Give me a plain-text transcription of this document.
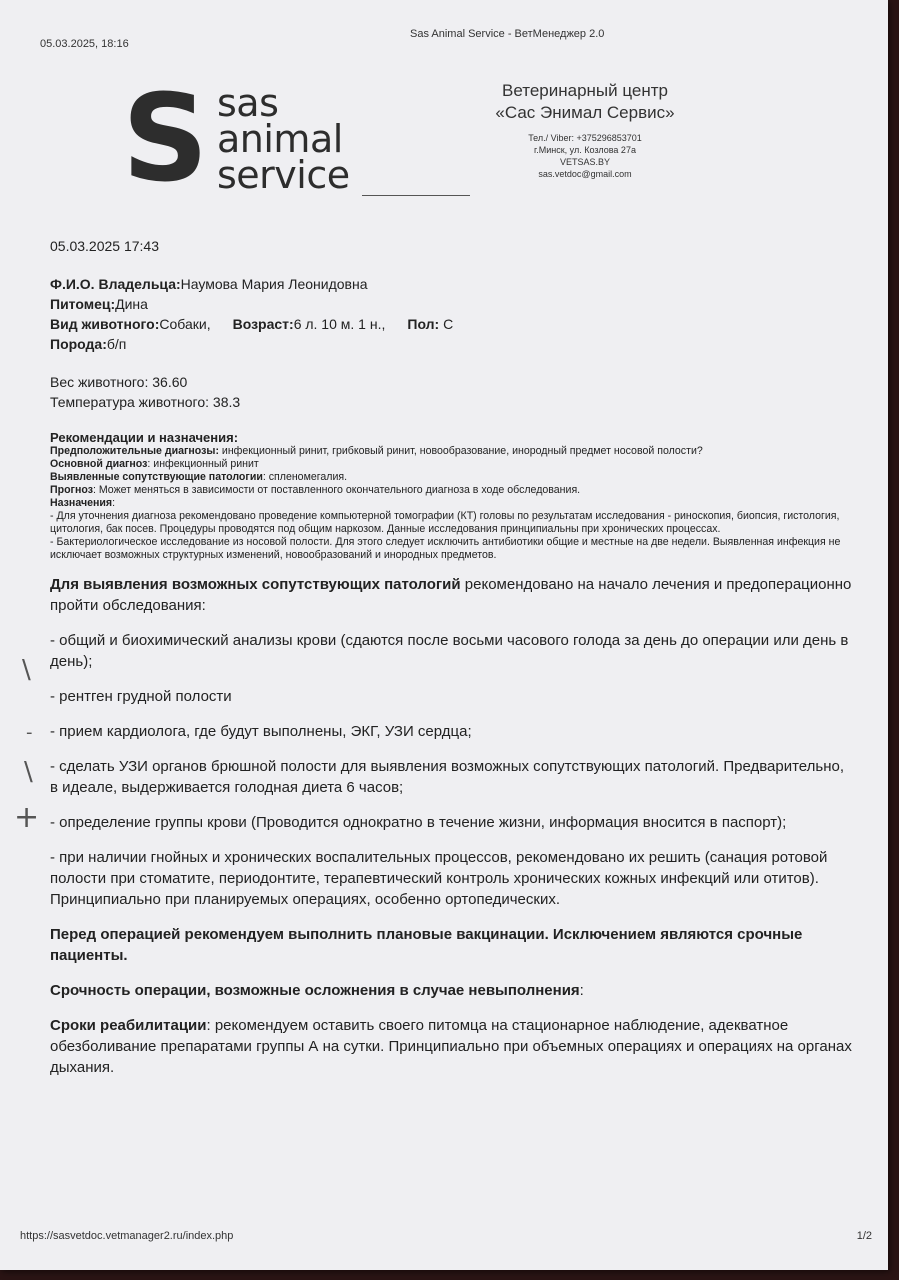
05.03.2025, 18:16
Sas Animal Service - ВетМенеджер 2.0
S sas
animal
service
Ветеринарный центр
«Сас Энимал Сервис»
Тел./ Viber: +375296853701
г.Минск, ул. Козлова 27а
VETSAS.BY
sas.vetdoc@gmail.com
05.03.2025 17:43

Ф.И.О. Владельца:Наумова Мария Леонидовна

Питомец:Дина

Вид животного:Собаки, Возраст:6 л. 10 м. 1 н., Пол: С

Порода:б/п

Вес животного: 36.60
Температура животного: 38.3
Рекомендации и назначения:
Предположительные диагнозы: инфекционный ринит, грибковый ринит, новообразование, инородный предмет носовой полости?
Основной диагноз: инфекционный ринит
Выявленные сопутствующие патологии: спленомегалия.
Прогноз: Может меняться в зависимости от поставленного окончательного диагноза в ходе обследования.
Назначения:
- Для уточнения диагноза рекомендовано проведение компьютерной томографии (КТ) головы по результатам исследования - риноскопия, биопсия, гистология, цитология, бак посев. Процедуры проводятся под общим наркозом. Данные исследования принципиальны при хронических процессах.
- Бактериологическое исследование из носовой полости. Для этого следует исключить антибиотики общие и местные на две недели. Выявленная инфекция не исключает возможных структурных изменений, новообразований и инородных предметов.

Для выявления возможных сопутствующих патологий рекомендовано на начало лечения и предоперационно пройти обследования:

- общий и биохимический анализы крови (сдаются после восьми часового голода за день до операции или день в день);

- рентген грудной полости

- прием кардиолога, где будут выполнены, ЭКГ, УЗИ сердца;

- сделать УЗИ органов брюшной полости для выявления возможных сопутствующих патологий. Предварительно, в идеале, выдерживается голодная диета 6 часов;

- определение группы крови (Проводится однократно в течение жизни, информация вносится в паспорт);

- при наличии гнойных и хронических воспалительных процессов, рекомендовано их решить (санация ротовой полости при стоматите, периодонтите, терапевтический контроль хронических кожных инфекций или отитов). Принципиально при планируемых операциях, особенно ортопедических.

Перед операцией рекомендуем выполнить плановые вакцинации. Исключением являются срочные пациенты.

Срочность операции, возможные осложнения в случае невыполнения:

Сроки реабилитации: рекомендуем оставить своего питомца на стационарное наблюдение, адекватное обезболивание препаратами группы А на сутки. Принципиально при объемных операциях и операциях на органах дыхания.

\
-
\
+
https://sasvetdoc.vetmanager2.ru/index.php	1/2
